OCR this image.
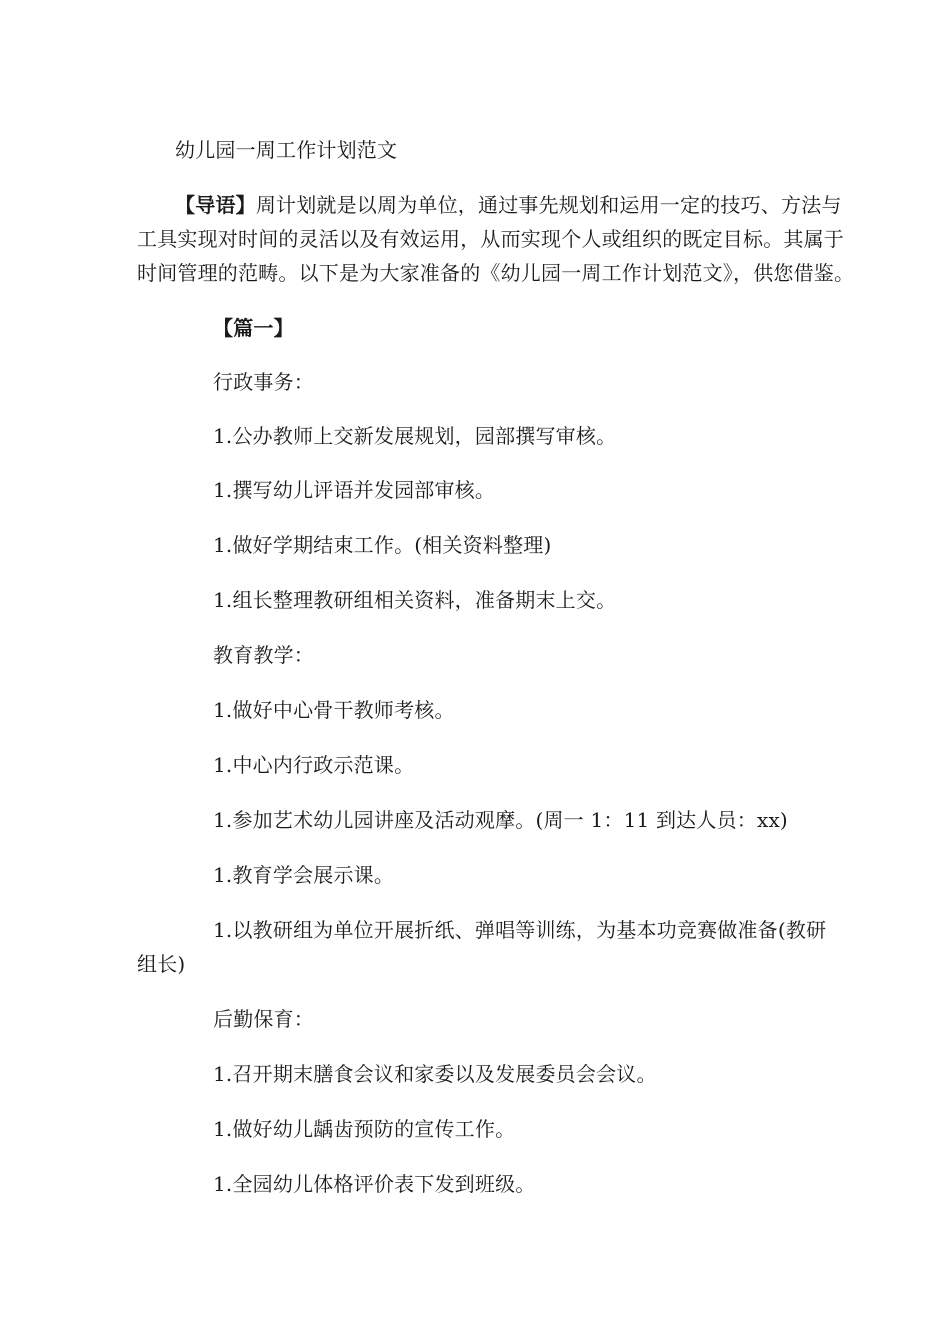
幼儿园一周工作计划范文
【导语】周计划就是以周为单位，通过事先规划和运用一定的技巧、方法与
工具实现对时间的灵活以及有效运用，从而实现个人或组织的既定目标。其属于
时间管理的范畴。以下是为大家准备的《幼儿园一周工作计划范文》，供您借鉴。
【篇一】
行政事务：
1.公办教师上交新发展规划，园部撰写审核。
1.撰写幼儿评语并发园部审核。
1.做好学期结束工作。(相关资料整理)
1.组长整理教研组相关资料，准备期末上交。
教育教学：
1.做好中心骨干教师考核。
1.中心内行政示范课。
1.参加艺术幼儿园讲座及活动观摩。(周一 1：11 到达人员：xx)
1.教育学会展示课。
1.以教研组为单位开展折纸、弹唱等训练，为基本功竞赛做准备(教研
组长)
后勤保育：
1.召开期末膳食会议和家委以及发展委员会会议。
1.做好幼儿龋齿预防的宣传工作。
1.全园幼儿体格评价表下发到班级。
